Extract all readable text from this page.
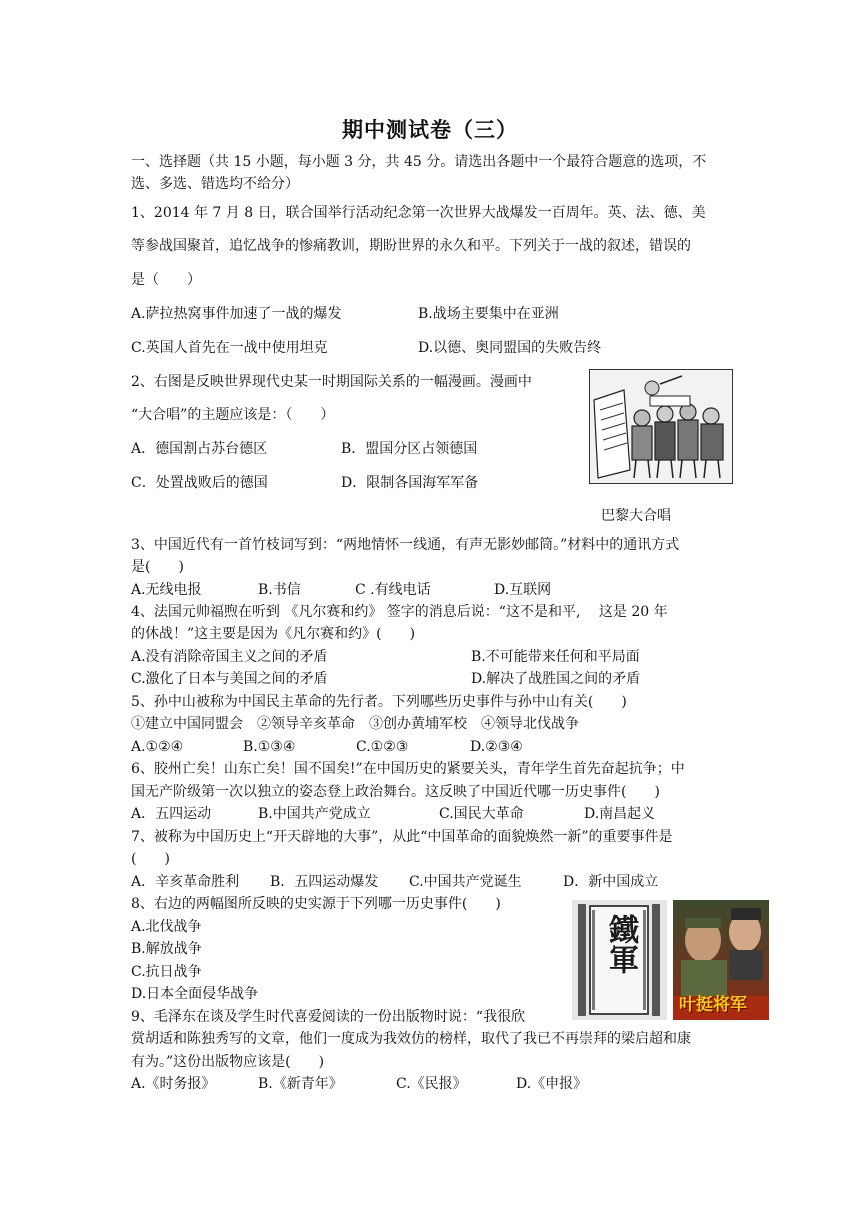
期中测试卷（三）
一、选择题（共 15 小题，每小题 3 分，共 45 分。请选出各题中一个最符合题意的选项，不
选、多选、错选均不给分）
1、2014 年 7 月 8 日，联合国举行活动纪念第一次世界大战爆发一百周年。英、法、德、美
等参战国聚首，追忆战争的惨痛教训，期盼世界的永久和平。下列关于一战的叙述，错误的
是（　　）
A.萨拉热窝事件加速了一战的爆发	B.战场主要集中在亚洲
C.英国人首先在一战中使用坦克	D.以德、奥同盟国的失败告终
2、右图是反映世界现代史某一时期国际关系的一幅漫画。漫画中
“大合唱”的主题应该是：（　　）
A．德国割占苏台德区	B．盟国分区占领德国
C．处置战败后的德国	D．限制各国海军军备
巴黎大合唱
3、中国近代有一首竹枝词写到：“两地情怀一线通，有声无影妙邮筒。”材料中的通讯方式
是(　　)
A.无线电报	B.书信	C .有线电话	D.互联网
4、法国元帅福煦在听到 《凡尔赛和约》 签字的消息后说：“这不是和平,　 这是 20 年
的休战！”这主要是因为《凡尔赛和约》(　　)
A.没有消除帝国主义之间的矛盾	B.不可能带来任何和平局面
C.激化了日本与美国之间的矛盾	D.解决了战胜国之间的矛盾
5、孙中山被称为中国民主革命的先行者。下列哪些历史事件与孙中山有关(　　)
①建立中国同盟会　②领导辛亥革命　③创办黄埔军校　④领导北伐战争
A.①②④	B.①③④	C.①②③	D.②③④
6、胶州亡矣！山东亡矣！国不国矣!”在中国历史的紧要关头，青年学生首先奋起抗争；中
国无产阶级第一次以独立的姿态登上政治舞台。这反映了中国近代哪一历史事件(　　)
A．五四运动	B.中国共产党成立	C.国民大革命	D.南昌起义
7、被称为中国历史上“开天辟地的大事”，从此“中国革命的面貌焕然一新”的重要事件是
(　　)
A．辛亥革命胜利 B．五四运动爆发 C.中国共产党诞生	D．新中国成立
8、右边的两幅图所反映的史实源于下列哪一历史事件(　　)
A.北伐战争
B.解放战争
C.抗日战争
D.日本全面侵华战争
鐵軍
叶挺将军
9、毛泽东在谈及学生时代喜爱阅读的一份出版物时说：“我很欣
赏胡适和陈独秀写的文章，他们一度成为我效仿的榜样，取代了我已不再崇拜的梁启超和康
有为。”这份出版物应该是(　　)
A.《时务报》	B.《新青年》	C.《民报》	D.《申报》
